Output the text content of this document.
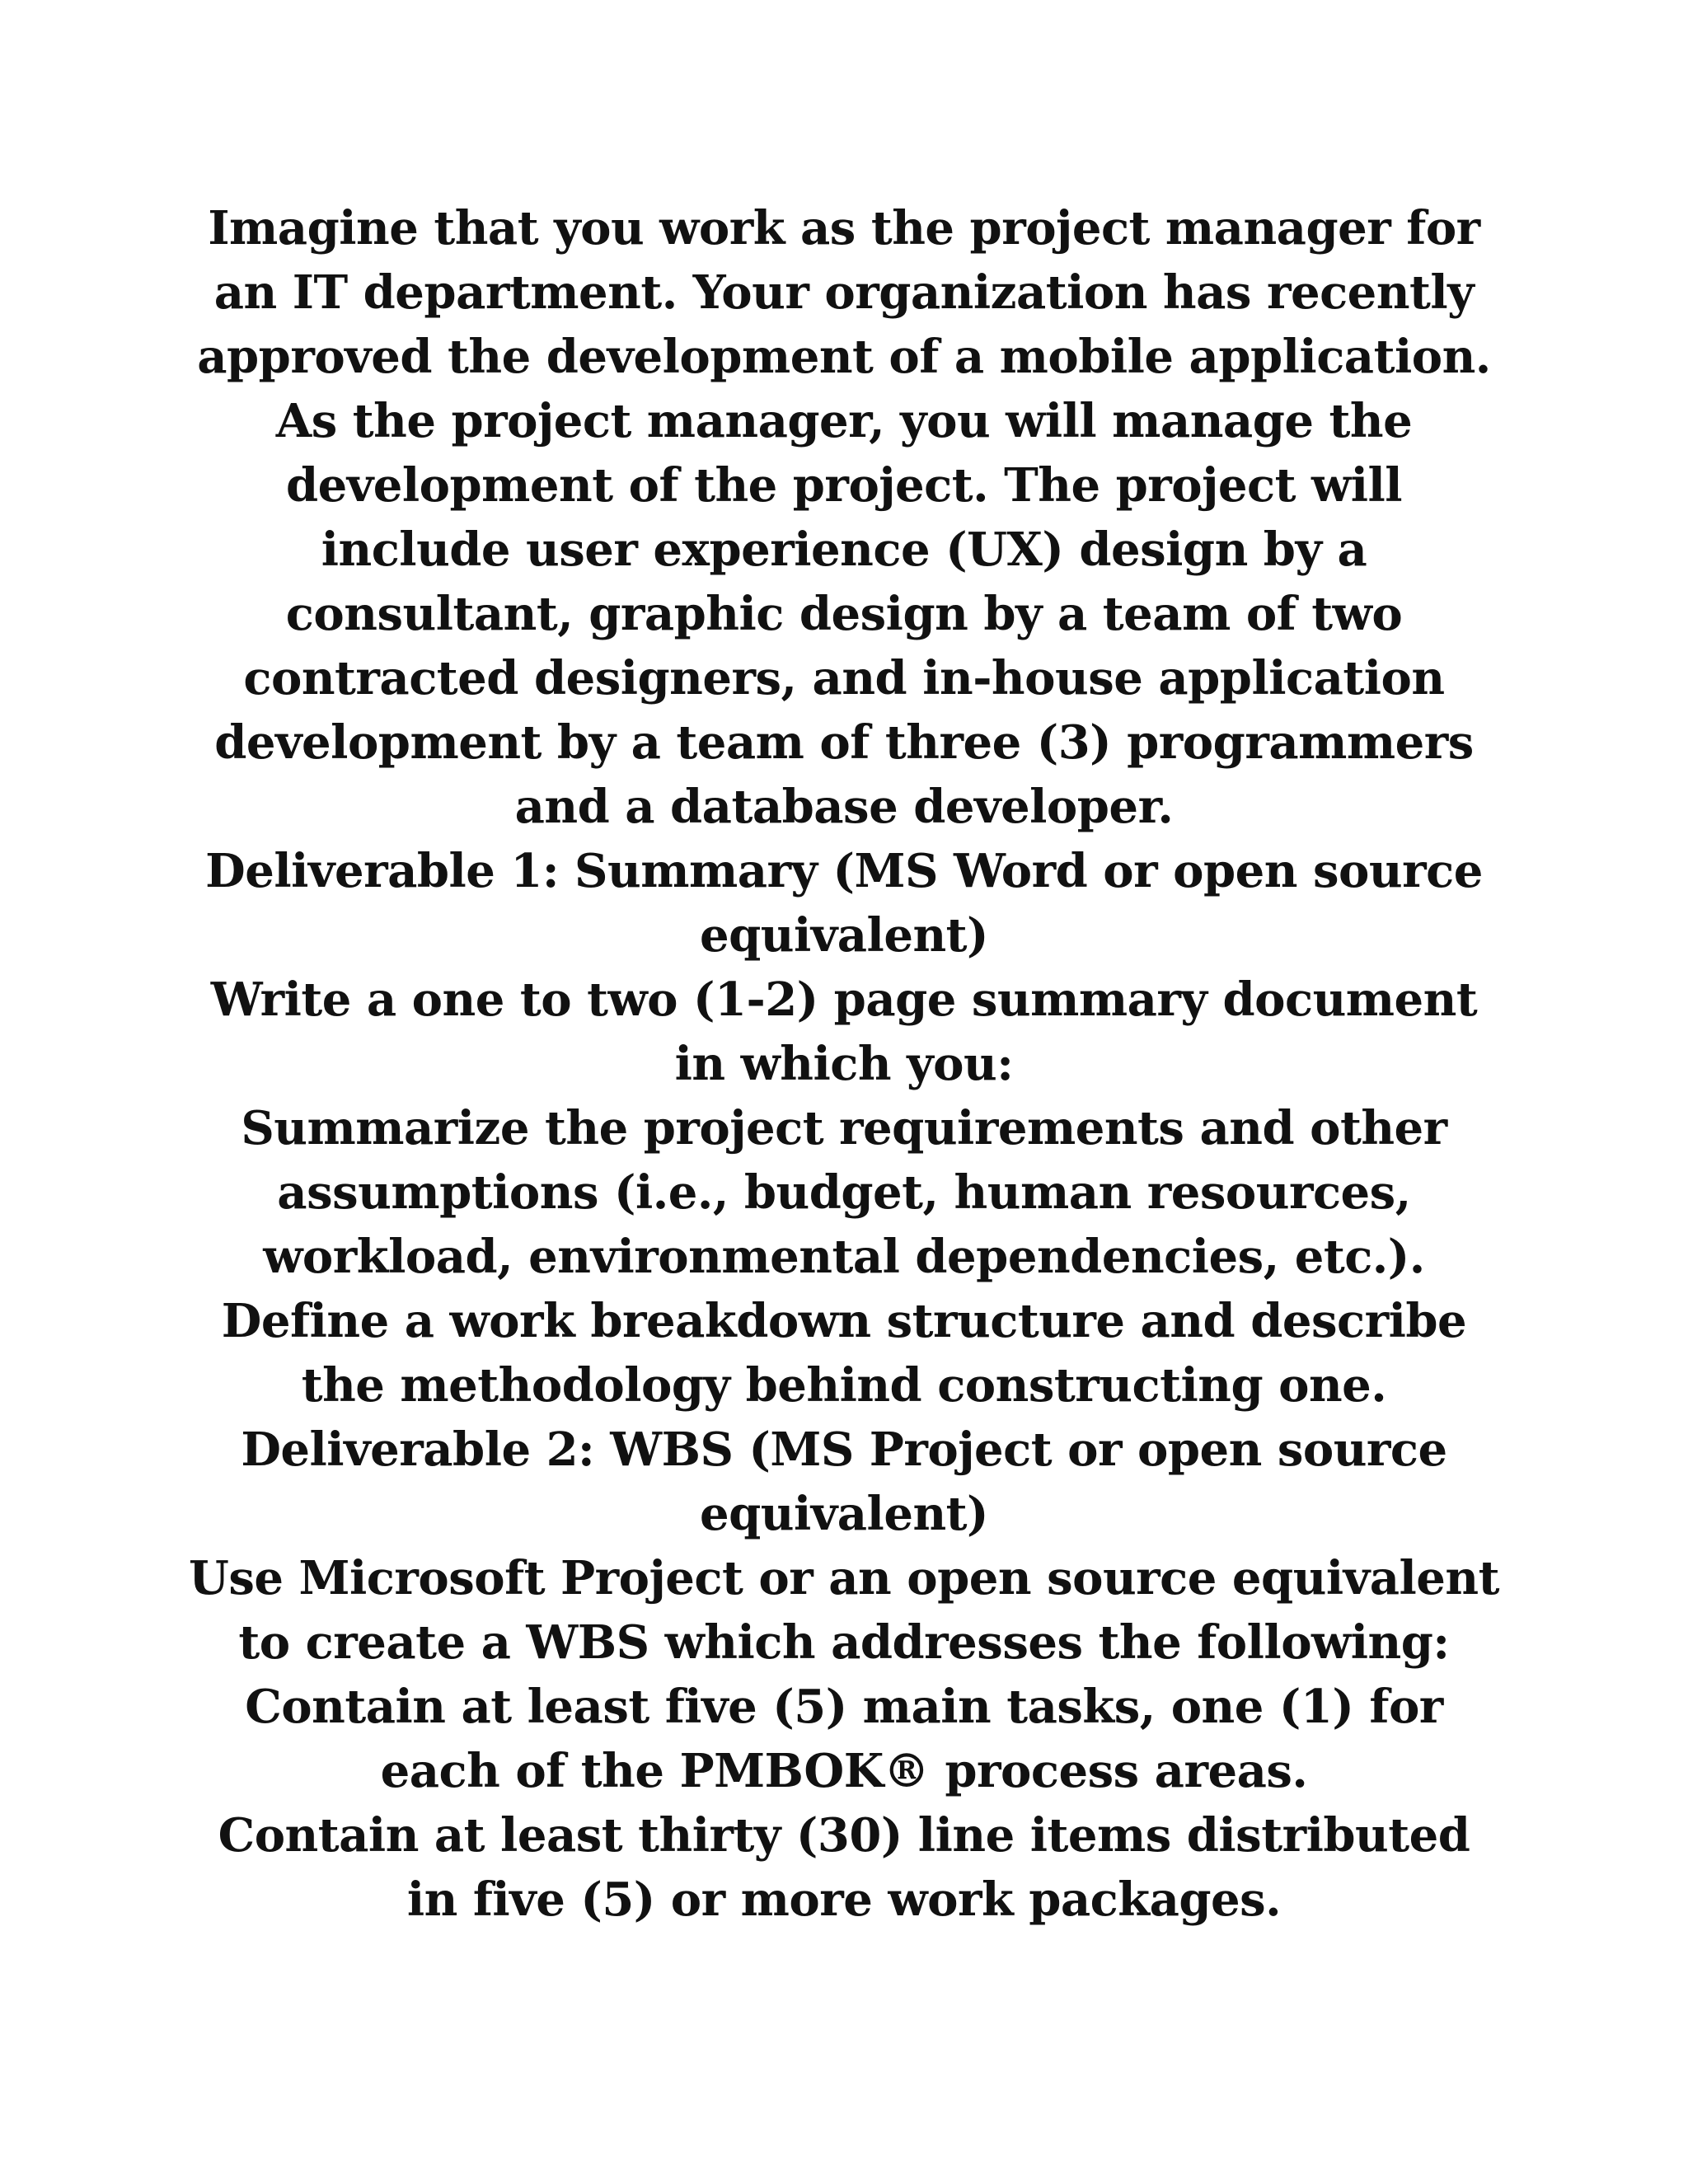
Imagine that you work as the project manager for
an IT department. Your organization has recently
approved the development of a mobile application.
As the project manager, you will manage the
development of the project. The project will
include user experience (UX) design by a
consultant, graphic design by a team of two
contracted designers, and in-house application
development by a team of three (3) programmers
and a database developer.
Deliverable 1: Summary (MS Word or open source
equivalent)
Write a one to two (1-2) page summary document
in which you:
Summarize the project requirements and other
assumptions (i.e., budget, human resources,
workload, environmental dependencies, etc.).
Define a work breakdown structure and describe
the methodology behind constructing one.
Deliverable 2: WBS (MS Project or open source
equivalent)
Use Microsoft Project or an open source equivalent
to create a WBS which addresses the following:
Contain at least five (5) main tasks, one (1) for
each of the PMBOK® process areas.
Contain at least thirty (30) line items distributed
in five (5) or more work packages.
